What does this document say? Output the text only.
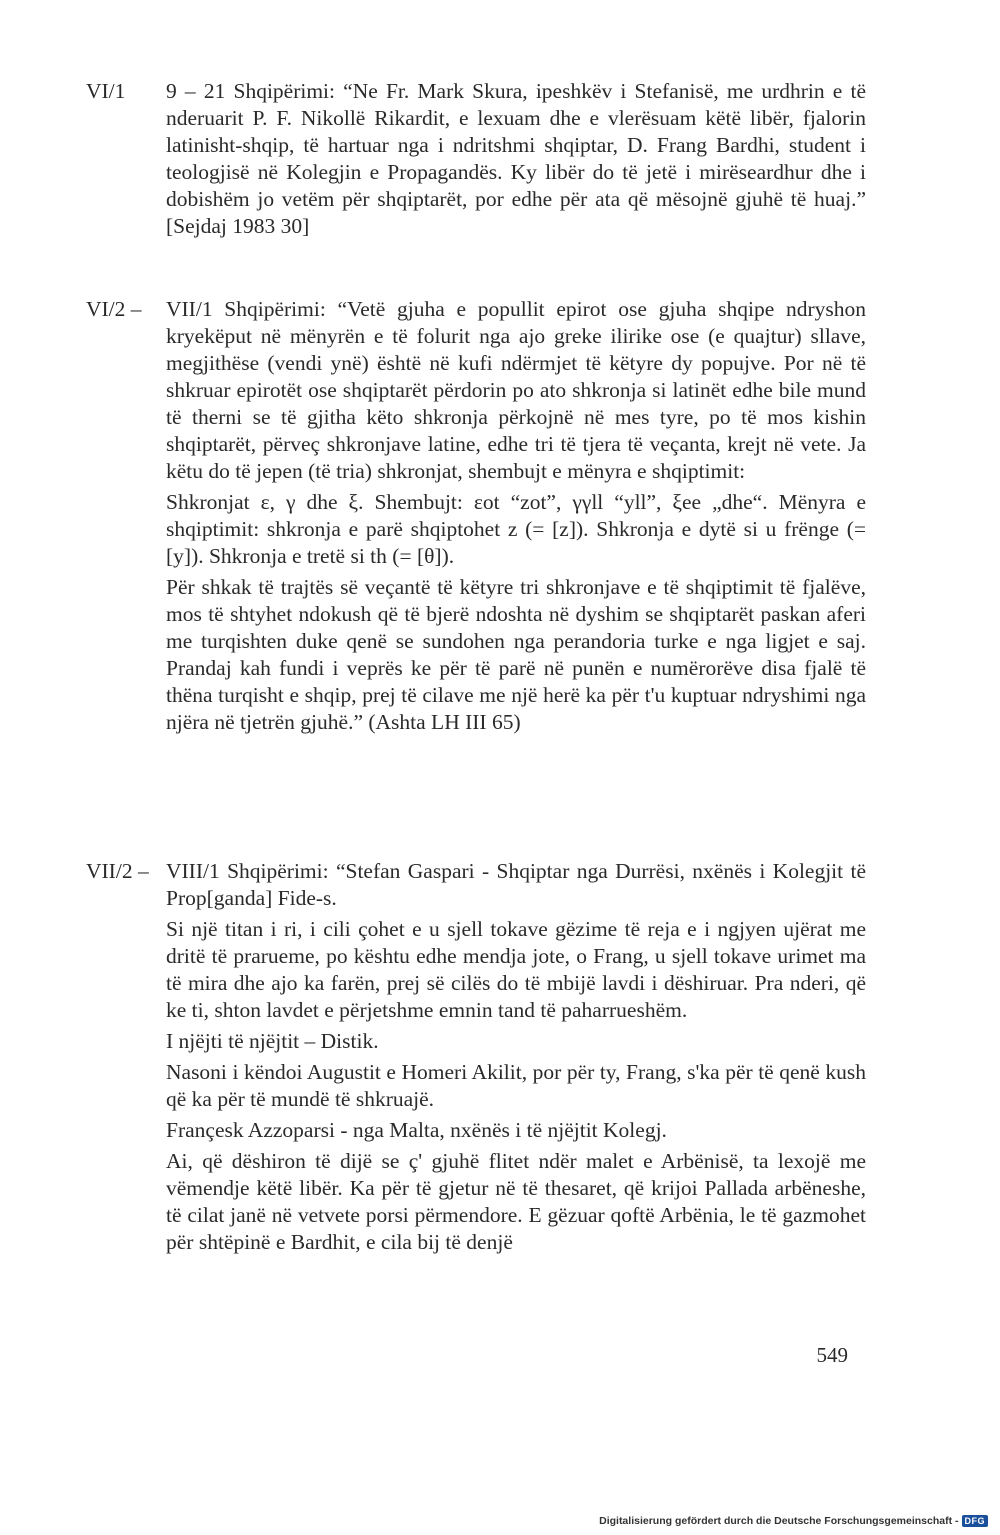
VI/1 9 – 21 Shqipërimi: “Ne Fr. Mark Skura, ipeshkëv i Stefanisë, me urdhrin e të nderuarit P. F. Nikollë Rikardit, e lexuam dhe e vlerësuam këtë libër, fjalorin latinisht-shqip, të hartuar nga i ndritshmi shqiptar, D. Frang Bardhi, student i teologjisë në Kolegjin e Propagandës. Ky libër do të jetë i mirëseardhur dhe i dobishëm jo vetëm për shqiptarët, por edhe për ata që mësojnë gjuhë të huaj.” [Sejdaj 1983 30]

VI/2 – VII/1 Shqipërimi: “Vetë gjuha e popullit epirot ose gjuha shqipe ndryshon kryekëput në mënyrën e të folurit nga ajo greke ilirike ose (e quajtur) sllave, megjithëse (vendi ynë) është në kufi ndërmjet të këtyre dy popujve. Por në të shkruar epirotët ose shqiptarët përdorin po ato shkronja si latinët edhe bile mund të therni se të gjitha këto shkronja përkojnë në mes tyre, po të mos kishin shqiptarët, përveç shkronjave latine, edhe tri të tjera të veçanta, krejt në vete. Ja këtu do të jepen (të tria) shkronjat, shembujt e mënyra e shqiptimit:

Shkronjat ε, γ dhe ξ. Shembujt: εot “zot”, γγll “yll”, ξee „dhe“. Mënyra e shqiptimit: shkronja e parë shqiptohet z (= [z]). Shkronja e dytë si u frënge (= [y]). Shkronja e tretë si th (= [θ]).

Për shkak të trajtës së veçantë të këtyre tri shkronjave e të shqiptimit të fjalëve, mos të shtyhet ndokush që të bjerë ndoshta në dyshim se shqiptarët paskan aferi me turqishten duke qenë se sundohen nga perandoria turke e nga ligjet e saj. Prandaj kah fundi i veprës ke për të parë në punën e numërorëve disa fjalë të thëna turqisht e shqip, prej të cilave me një herë ka për t'u kuptuar ndryshimi nga njëra në tjetrën gjuhë.” (Ashta LH III 65)

VII/2 – VIII/1 Shqipërimi: “Stefan Gaspari - Shqiptar nga Durrësi, nxënës i Kolegjit të Prop[ganda] Fide-s.

Si një titan i ri, i cili çohet e u sjell tokave gëzime të reja e i ngjyen ujërat me dritë të prarueme, po kështu edhe mendja jote, o Frang, u sjell tokave urimet ma të mira dhe ajo ka farën, prej së cilës do të mbijë lavdi i dëshiruar. Pra nderi, që ke ti, shton lavdet e përjetshme emnin tand të paharrueshëm.

I njëjti të njëjtit – Distik.

Nasoni i këndoi Augustit e Homeri Akilit, por për ty, Frang, s'ka për të qenë kush që ka për të mundë të shkruajë.

Françesk Azzoparsi - nga Malta, nxënës i të njëjtit Kolegj.

Ai, që dëshiron të dijë se ç' gjuhë flitet ndër malet e Arbënisë, ta lexojë me vëmendje këtë libër. Ka për të gjetur në të thesaret, që krijoi Pallada arbëneshe, të cilat janë në vetvete porsi përmendore. E gëzuar qoftë Arbënia, le të gazmohet për shtëpinë e Bardhit, e cila bij të denjë

549
Digitalisierung gefördert durch die Deutsche Forschungsgemeinschaft - DFG
